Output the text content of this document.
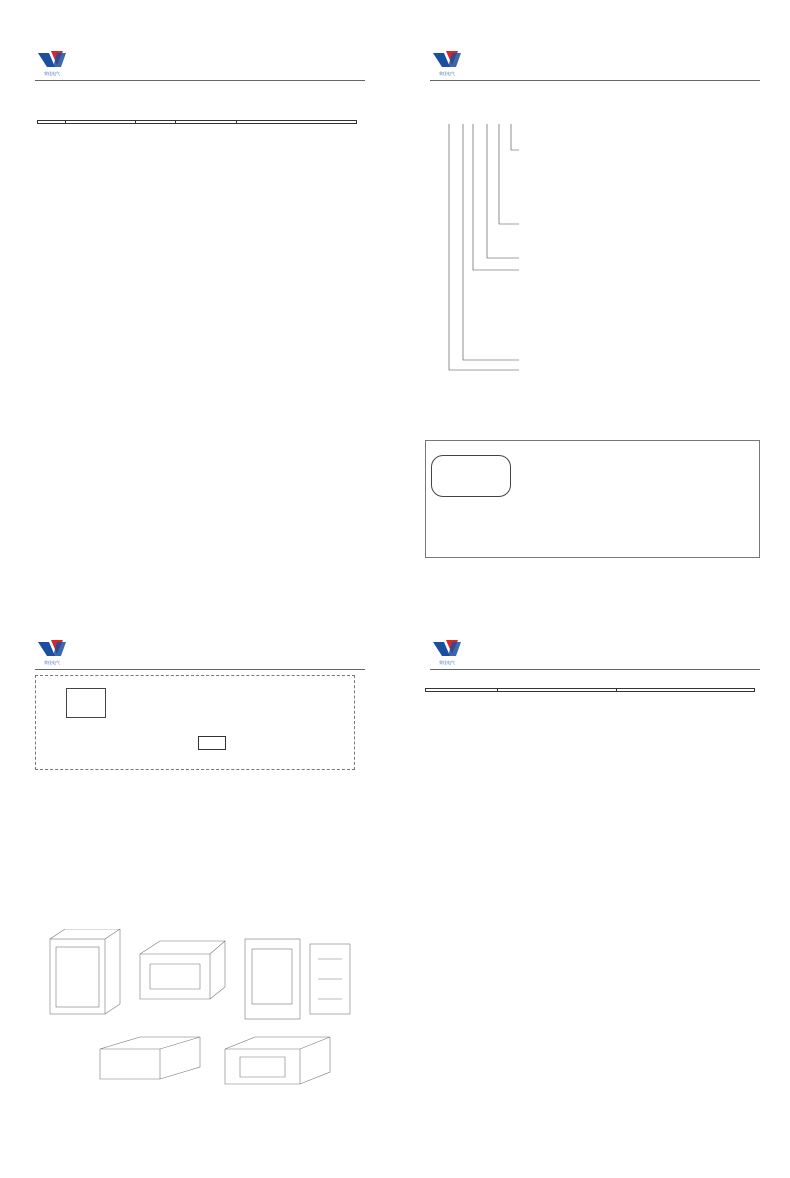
荣佳电气
					荣佳电气
荣佳电气	荣佳电气
